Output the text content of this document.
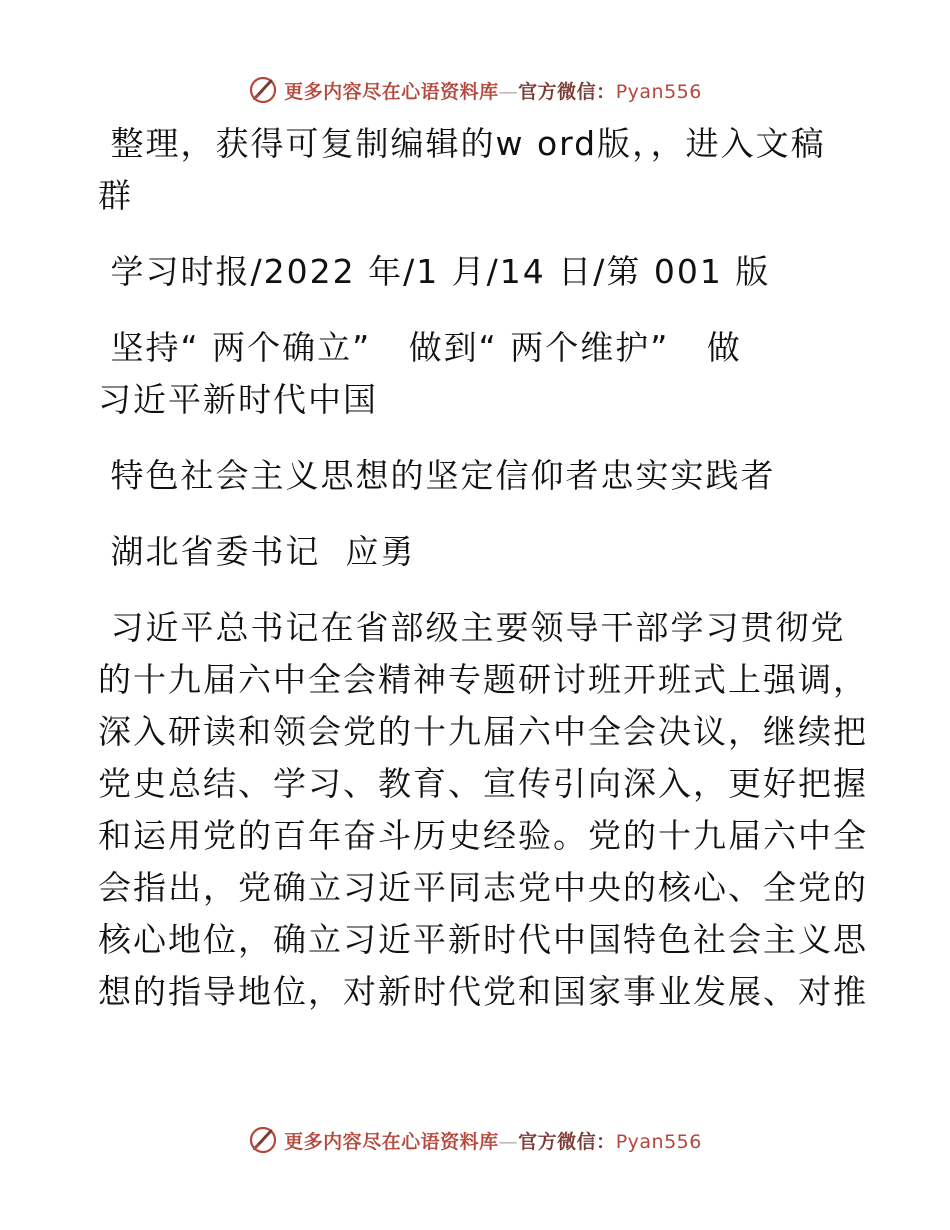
更多内容尽在心语资料库—官方微信：Pyan556
整理，获得可复制编辑的w ord版，，进入文稿
群
学习时报/2022 年/1 月/14 日/第 001 版
坚持“ 两个确立”   做到“ 两个维护”   做
习近平新时代中国
特色社会主义思想的坚定信仰者忠实实践者
湖北省委书记  应勇
习近平总书记在省部级主要领导干部学习贯彻党
的十九届六中全会精神专题研讨班开班式上强调，
深入研读和领会党的十九届六中全会决议，继续把
党史总结、学习、教育、宣传引向深入，更好把握
和运用党的百年奋斗历史经验。党的十九届六中全
会指出，党确立习近平同志党中央的核心、全党的
核心地位，确立习近平新时代中国特色社会主义思
想的指导地位，对新时代党和国家事业发展、对推
更多内容尽在心语资料库—官方微信：Pyan556
